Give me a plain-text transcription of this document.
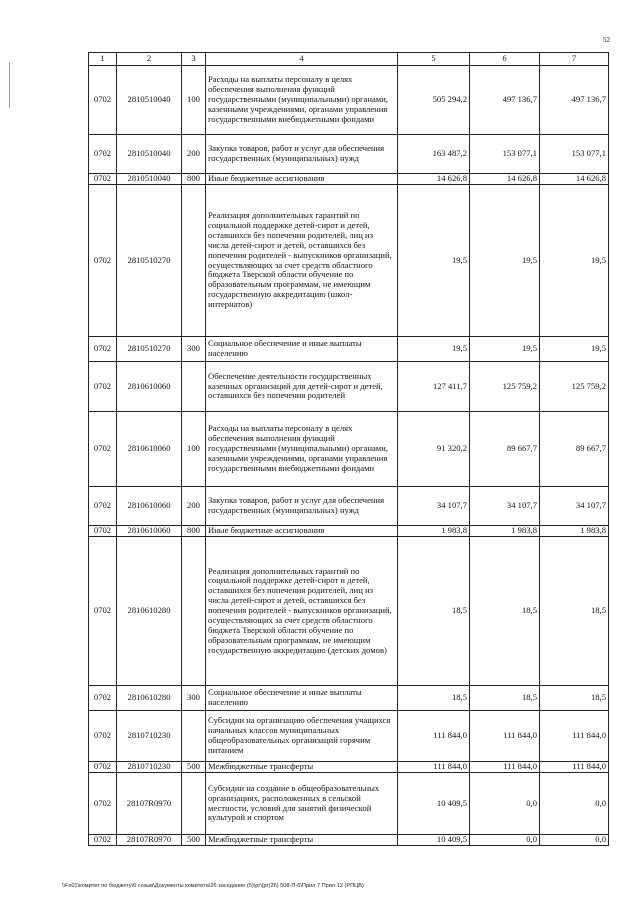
52
1	2	3	4	5	6	7
0702	2810510040	100	Расходы на выплаты персоналу в целях обеспечения выполнения функций государственными (муниципальными) органами, казенными учреждениями, органами управления государственными внебюджетными фондами	505 294,2	497 136,7	497 136,7
0702	2810510040	200	Закупка товаров, работ и услуг для обеспечения государственных (муниципальных) нужд	163 487,2	153 077,1	153 077,1
0702	2810510040	800	Иные бюджетные ассигнования	14 626,8	14 626,8	14 626,8
0702	2810510270		Реализация дополнительных гарантий по социальной поддержке детей-сирот и детей, оставшихся без попечения родителей, лиц из числа детей-сирот и детей, оставшихся без попечения родителей - выпускников организаций, осуществляющих за счет средств областного бюджета Тверской области обучение по образовательным программам, не имеющим государственную аккредитацию (школ-интернатов)	19,5	19,5	19,5
0702	2810510270	300	Социальное обеспечение и иные выплаты населению	19,5	19,5	19,5
0702	2810610060		Обеспечение деятельности государственных казенных организаций для детей-сирот и детей, оставшихся без попечения родителей	127 411,7	125 759,2	125 759,2
0702	2810610060	100	Расходы на выплаты персоналу в целях обеспечения выполнения функций государственными (муниципальными) органами, казенными учреждениями, органами управления государственными внебюджетными фондами	91 320,2	89 667,7	89 667,7
0702	2810610060	200	Закупка товаров, работ и услуг для обеспечения государственных (муниципальных) нужд	34 107,7	34 107,7	34 107,7
0702	2810610060	800	Иные бюджетные ассигнования	1 983,8	1 983,8	1 983,8
0702	2810610280		Реализация дополнительных гарантий по социальной поддержке детей-сирот и детей, оставшихся без попечения родителей, лиц из числа детей-сирот и детей, оставшихся без попечения родителей - выпускников организаций, осуществляющих за счет средств областного бюджета Тверской области обучение по образовательным программам, не имеющим государственную аккредитацию (детских домов)	18,5	18,5	18,5
0702	2810610280	300	Социальное обеспечение и иные выплаты населению	18,5	18,5	18,5
0702	2810710230		Субсидии на организацию обеспечения учащихся начальных классов муниципальных общеобразовательных организаций горячим питанием	111 844,0	111 844,0	111 844,0
0702	2810710230	500	Межбюджетные трансферты	111 844,0	111 844,0	111 844,0
0702	28107R0970		Субсидии на создание в общеобразовательных организациях, расположенных в сельской местности, условий для занятий физической культурой и спортом	10 409,5	0,0	0,0
0702	28107R0970	500	Межбюджетные трансферты	10 409,5	0,0	0,0
\\Fs01\комитет по бюджету\6 созыв\Документы комитета\26 заседание (5)\рг\[рг(26) 508-П-6\Прил 7 Прил 12 (РПЦВ)
